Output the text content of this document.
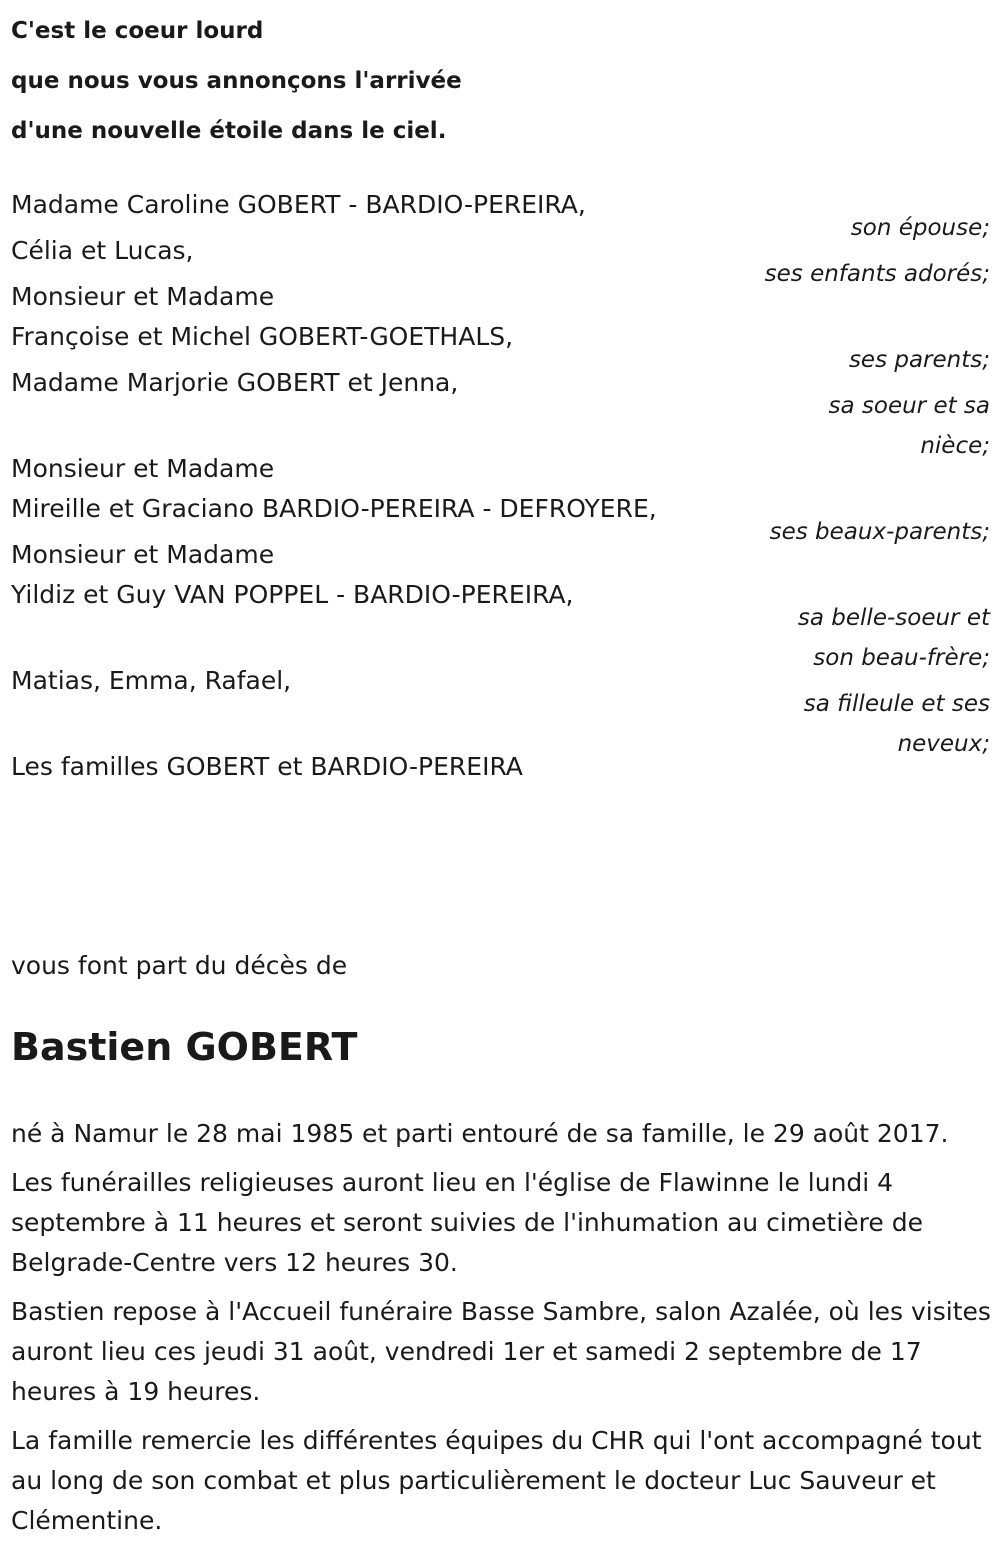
C'est le coeur lourd

que nous vous annonçons l'arrivée

d'une nouvelle étoile dans le ciel.

Madame Caroline GOBERT - BARDIO-PEREIRA,

son épouse;

Célia et Lucas,

ses enfants adorés;

Monsieur et Madame

Françoise et Michel GOBERT-GOETHALS,

ses parents;

Madame Marjorie GOBERT et Jenna,

sa soeur et sa

nièce;

Monsieur et Madame

Mireille et Graciano BARDIO-PEREIRA - DEFROYERE,

ses beaux-parents;

Monsieur et Madame

Yildiz et Guy VAN POPPEL - BARDIO-PEREIRA,

sa belle-soeur et

son beau-frère;

Matias, Emma, Rafael,

sa filleule et ses

neveux;

Les familles GOBERT et BARDIO-PEREIRA

vous font part du décès de

Bastien GOBERT

né à Namur le 28 mai 1985 et parti entouré de sa famille, le 29 août 2017.

Les funérailles religieuses auront lieu en l'église de Flawinne le lundi 4 septembre à 11 heures et seront suivies de l'inhumation au cimetière de Belgrade-Centre vers 12 heures 30.

Bastien repose à l'Accueil funéraire Basse Sambre, salon Azalée, où les visites auront lieu ces jeudi 31 août, vendredi 1er et samedi 2 septembre de 17 heures à 19 heures.

La famille remercie les différentes équipes du CHR qui l'ont accompagné tout au long de son combat et plus particulièrement le docteur Luc Sauveur et Clémentine.
